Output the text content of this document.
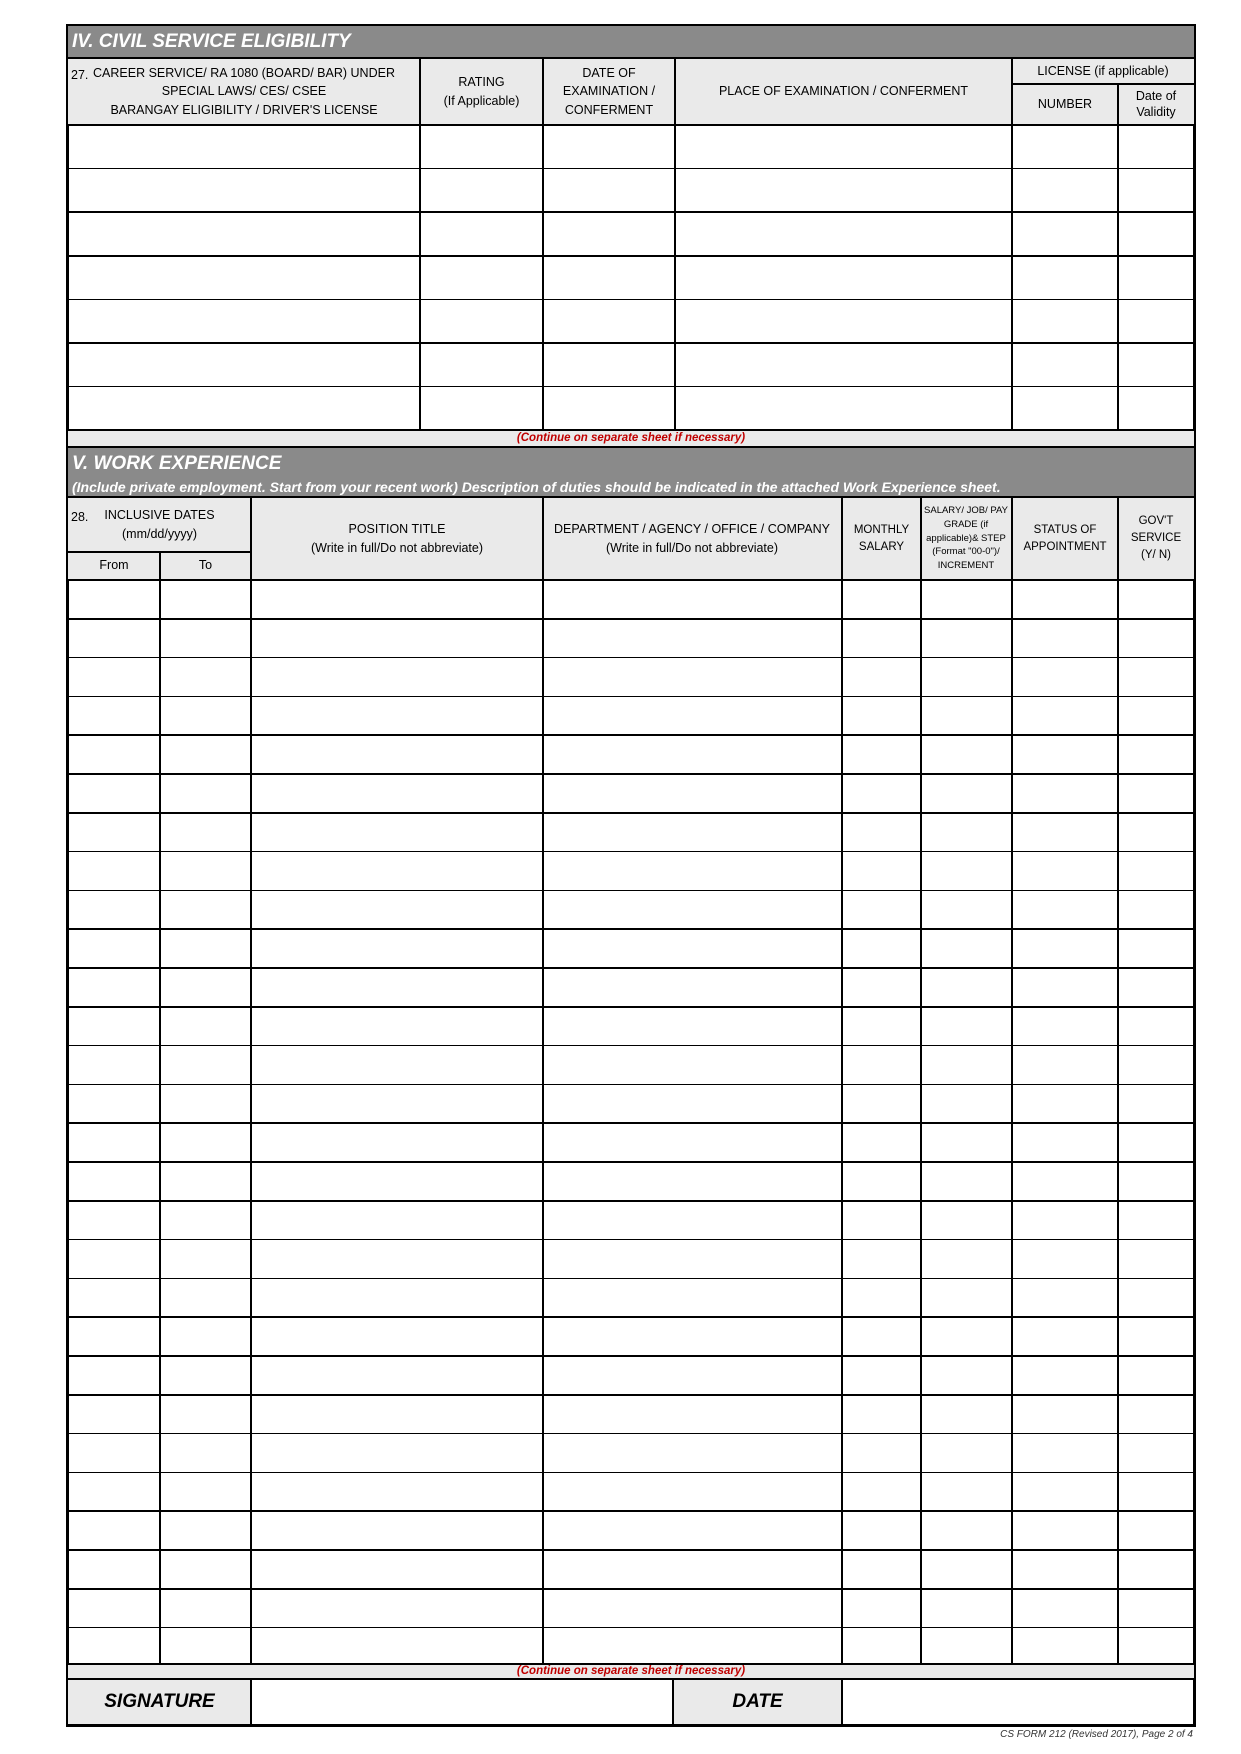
IV. CIVIL SERVICE ELIGIBILITY
27. CAREER SERVICE/ RA 1080 (BOARD/ BAR) UNDER
SPECIAL LAWS/ CES/ CSEE
BARANGAY ELIGIBILITY / DRIVER'S LICENSE
RATING
(If Applicable)
DATE OF
EXAMINATION /
CONFERMENT
PLACE OF EXAMINATION / CONFERMENT
LICENSE (if applicable)
NUMBER
Date of
Validity
(Continue on separate sheet if necessary)
V. WORK EXPERIENCE
(Include private employment. Start from your recent work) Description of duties should be indicated in the attached Work Experience sheet.
28. INCLUSIVE DATES
(mm/dd/yyyy)
From	To
POSITION TITLE
(Write in full/Do not abbreviate)
DEPARTMENT / AGENCY / OFFICE / COMPANY
(Write in full/Do not abbreviate)
MONTHLY
SALARY
SALARY/ JOB/ PAY
GRADE (if
applicable)& STEP
(Format "00-0")/
INCREMENT
STATUS OF
APPOINTMENT
GOV'T
SERVICE
(Y/ N)
(Continue on separate sheet if necessary)
SIGNATURE	DATE
CS FORM 212 (Revised 2017), Page 2 of 4
